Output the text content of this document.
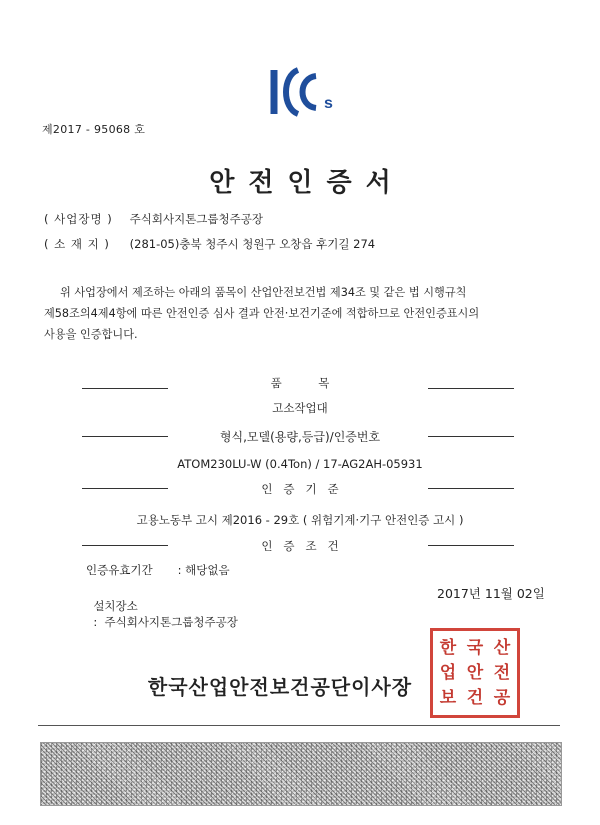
s
제2017 - 95068 호
안전인증서
( 사업장명 ) 주식회사지톤그룹청주공장
( 소 재 지 ) (281-05)충북 청주시 청원구 오창읍 후기길 274

위 사업장에서 제조하는 아래의 품목이 산업안전보건법 제34조 및 같은 법 시행규칙

제58조의4제4항에 따른 안전인증 심사 결과 안전·보건기준에 적합하므로 안전인증표시의

사용을 인증합니다.

품          목
고소작업대
형식,모델(용량,등급)/인증번호
ATOM230LU-W (0.4Ton) / 17-AG2AH-05931
인   증   기   준
고용노동부 고시 제2016 - 29호 ( 위험기계·기구 안전인증 고시 )
인   증   조   건
인증유효기간 : 해당없음

설치장소
:  주식회사지톤그룹청주공장

2017년 11월 02일
한 국 산
업 안 전
보 건 공
한국산업안전보건공단이사장
